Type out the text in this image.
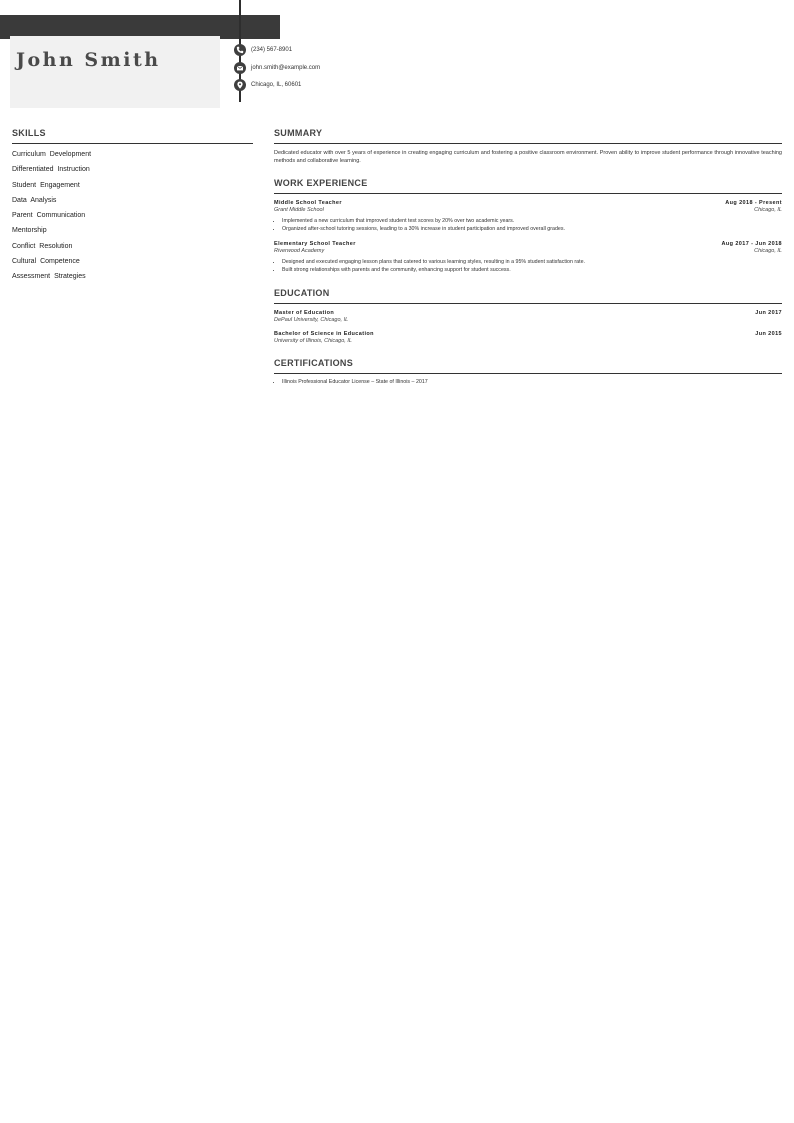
John Smith	(234) 567-8901
john.smith@example.com
Chicago, IL, 60601
SKILLS
Curriculum Development
Differentiated Instruction
Student Engagement
Data Analysis
Parent Communication
Mentorship
Conflict Resolution
Cultural Competence
Assessment Strategies
SUMMARY

Dedicated educator with over 5 years of experience in creating engaging curriculum and fostering a positive classroom environment. Proven ability to improve student performance through innovative teaching methods and collaborative learning.

WORK EXPERIENCE
Middle School Teacher	Aug 2018 - Present
Grant Middle School	Chicago, IL
• Implemented a new curriculum that improved student test scores by 20% over two academic years.
• Organized after-school tutoring sessions, leading to a 30% increase in student participation and improved overall grades.
Elementary School Teacher	Aug 2017 - Jun 2018
Riverwood Academy	Chicago, IL
• Designed and executed engaging lesson plans that catered to various learning styles, resulting in a 95% student satisfaction rate.
• Built strong relationships with parents and the community, enhancing support for student success.
EDUCATION
Master of Education	Jun 2017
DePaul University, Chicago, IL
Bachelor of Science in Education	Jun 2015
University of Illinois, Chicago, IL
CERTIFICATIONS
• Illinois Professional Educator License – State of Illinois – 2017
